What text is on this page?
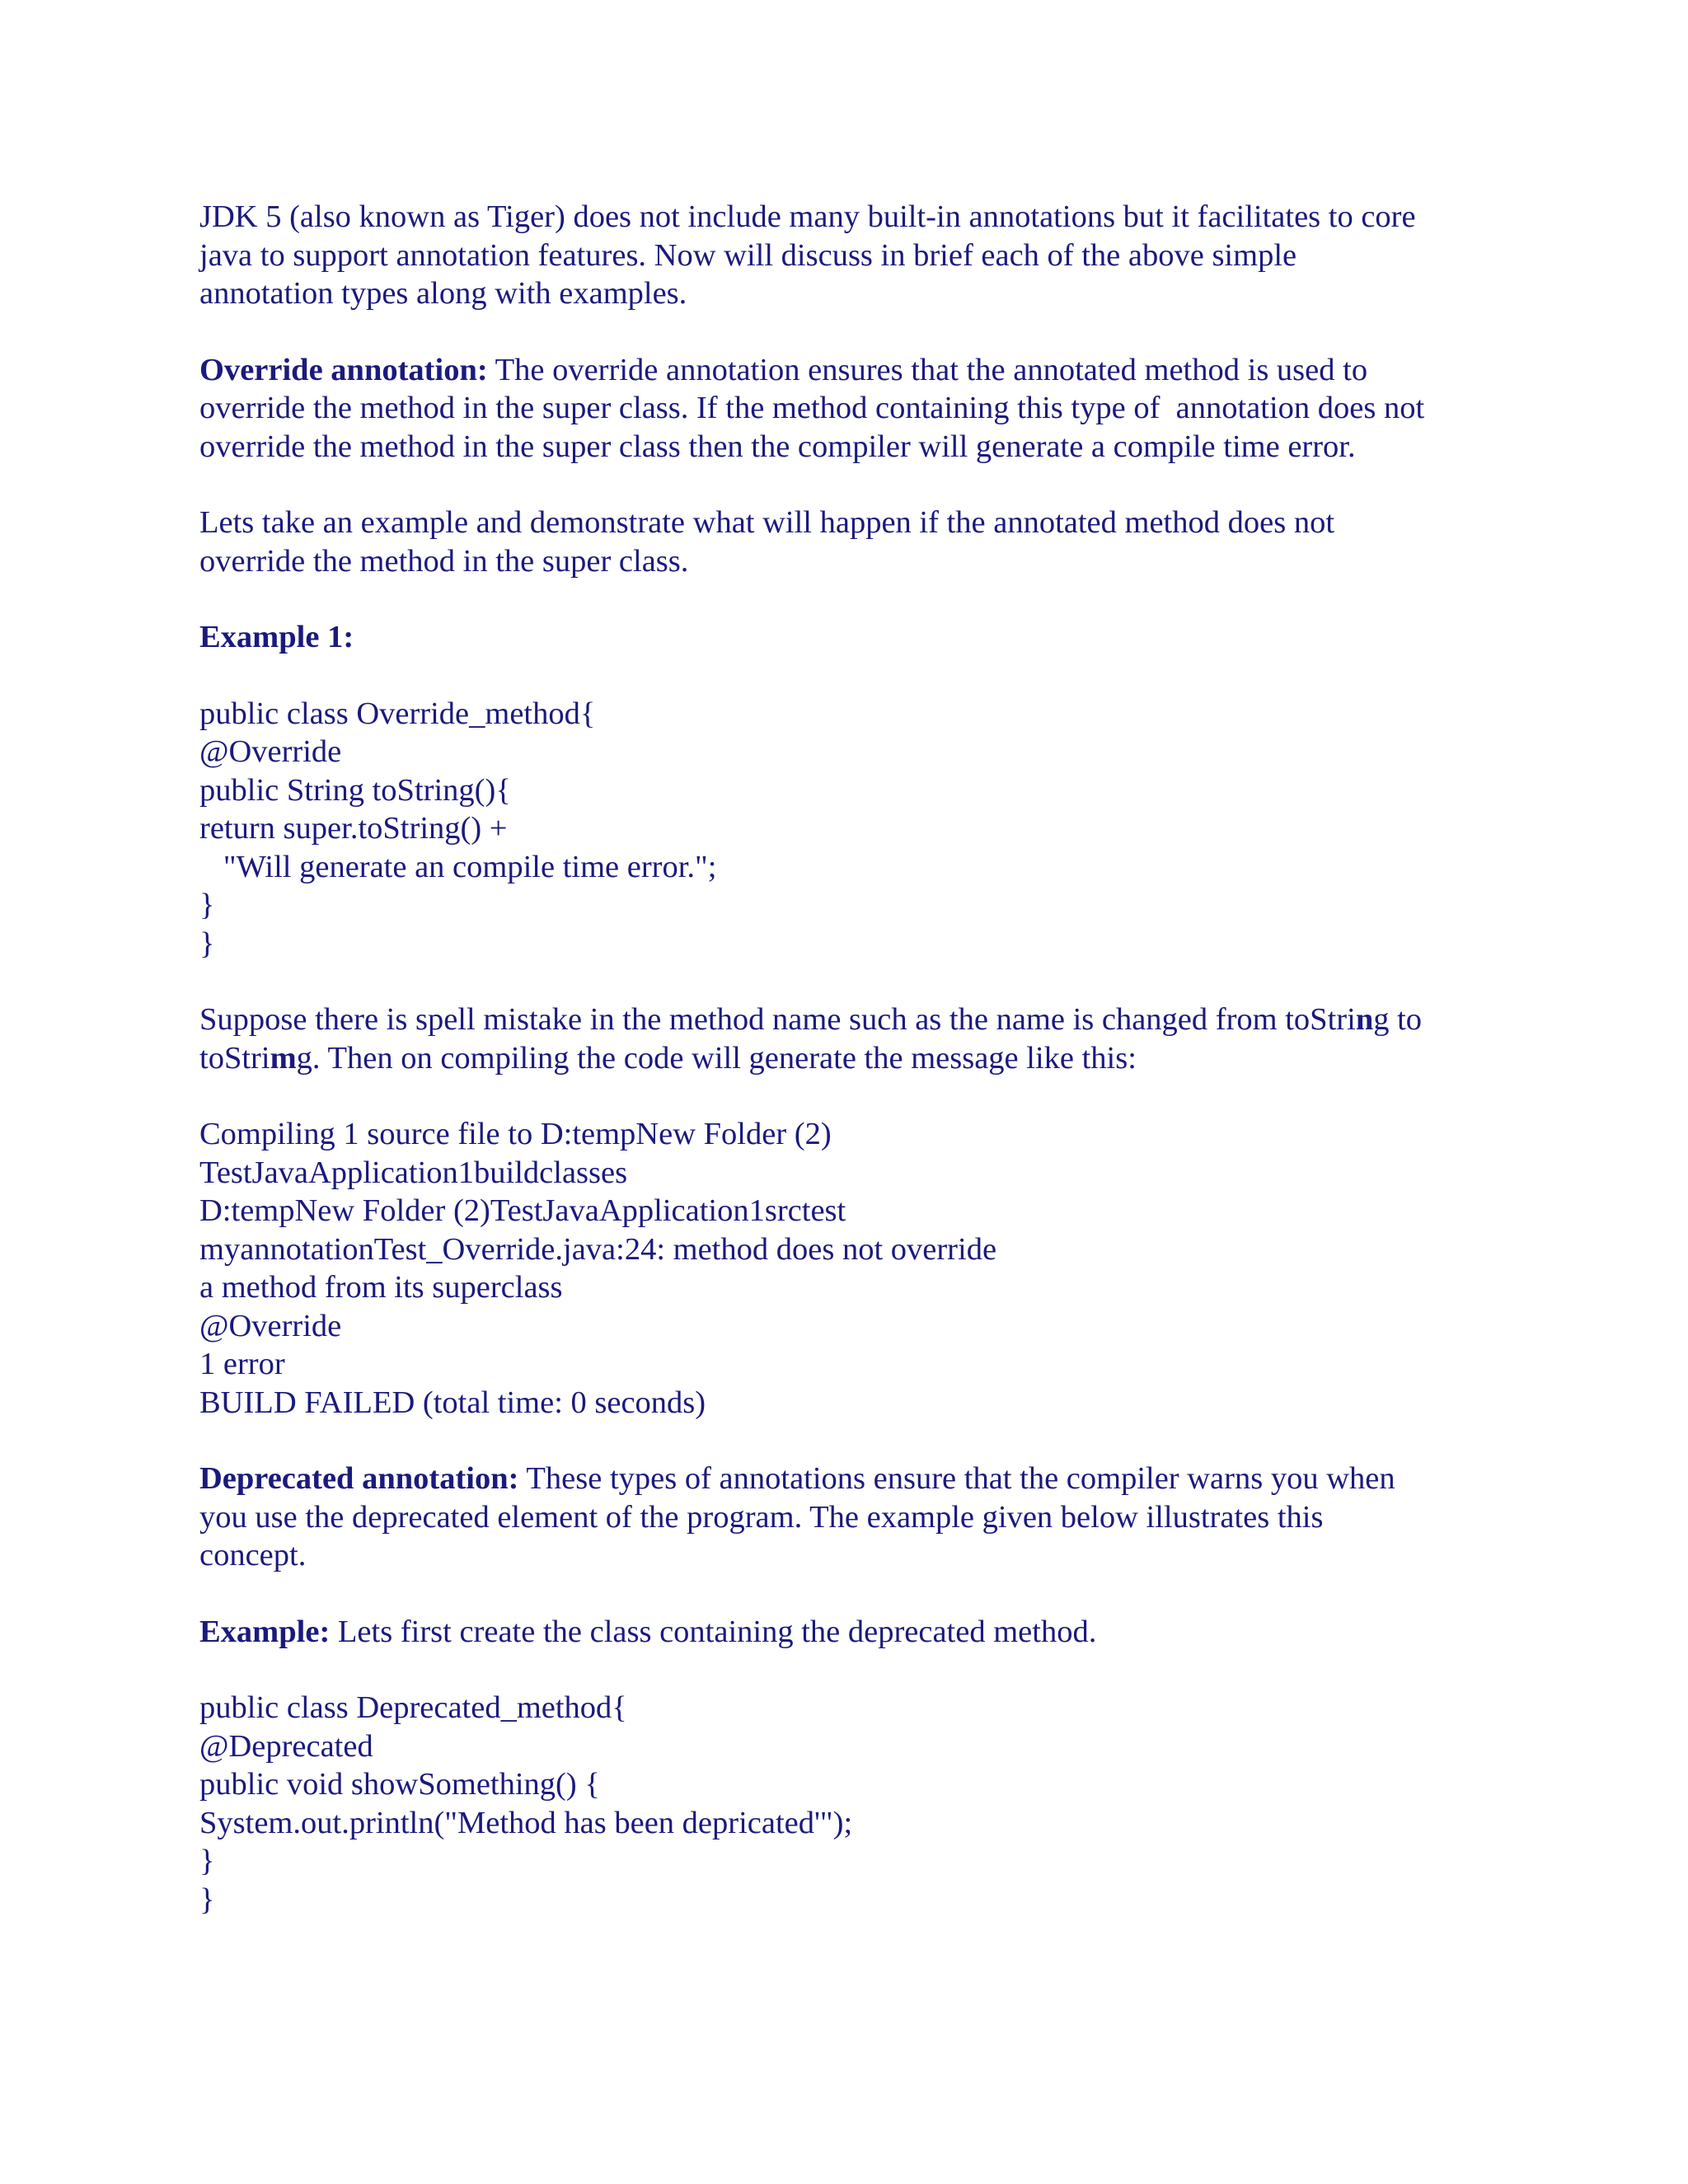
JDK 5 (also known as Tiger) does not include many built-in annotations but it facilitates to core
java to support annotation features. Now will discuss in brief each of the above simple
annotation types along with examples.
Override annotation: The override annotation ensures that the annotated method is used to
override the method in the super class. If the method containing this type of  annotation does not
override the method in the super class then the compiler will generate a compile time error.
Lets take an example and demonstrate what will happen if the annotated method does not
override the method in the super class.
Example 1:
public class Override_method{
@Override
public String toString(){
return super.toString() +
"Will generate an compile time error.";
}
}
Suppose there is spell mistake in the method name such as the name is changed from toString to
toStrimg. Then on compiling the code will generate the message like this:
Compiling 1 source file to D:tempNew Folder (2)
TestJavaApplication1buildclasses
D:tempNew Folder (2)TestJavaApplication1srctest
myannotationTest_Override.java:24: method does not override
a method from its superclass
@Override
1 error
BUILD FAILED (total time: 0 seconds)
Deprecated annotation: These types of annotations ensure that the compiler warns you when
you use the deprecated element of the program. The example given below illustrates this
concept.
Example: Lets first create the class containing the deprecated method.
public class Deprecated_method{
@Deprecated
public void showSomething() {
System.out.println("Method has been depricated'");
}
}
